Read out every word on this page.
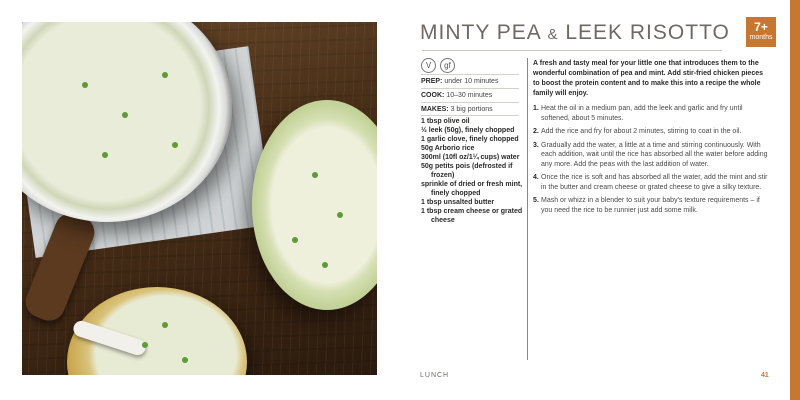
MINTY PEA & LEEK RISOTTO	7+
months
V	gf
PREP: under 10 minutes
COOK: 10–30 minutes
MAKES: 3 big portions
1 tbsp olive oil
½ leek (50g), finely chopped
1 garlic clove, finely chopped
50g Arborio rice
300ml (10fl oz/1¼ cups) water
50g petits pois (defrosted if frozen)
sprinkle of dried or fresh mint, finely chopped
1 tbsp unsalted butter
1 tbsp cream cheese or grated cheese

A fresh and tasty meal for your little one that introduces them to the wonderful combination of pea and mint. Add stir-fried chicken pieces to boost the protein content and to make this into a recipe the whole family will enjoy.

1. Heat the oil in a medium pan, add the leek and garlic and fry until softened, about 5 minutes.
2. Add the rice and fry for about 2 minutes, stirring to coat in the oil.
3. Gradually add the water, a little at a time and stirring continuously. With each addition, wait until the rice has absorbed all the water before adding any more. Add the peas with the last addition of water.
4. Once the rice is soft and has absorbed all the water, add the mint and stir in the butter and cream cheese or grated cheese to give a silky texture.
5. Mash or whizz in a blender to suit your baby's texture requirements – if you need the rice to be runnier just add some milk.
LUNCH	41
